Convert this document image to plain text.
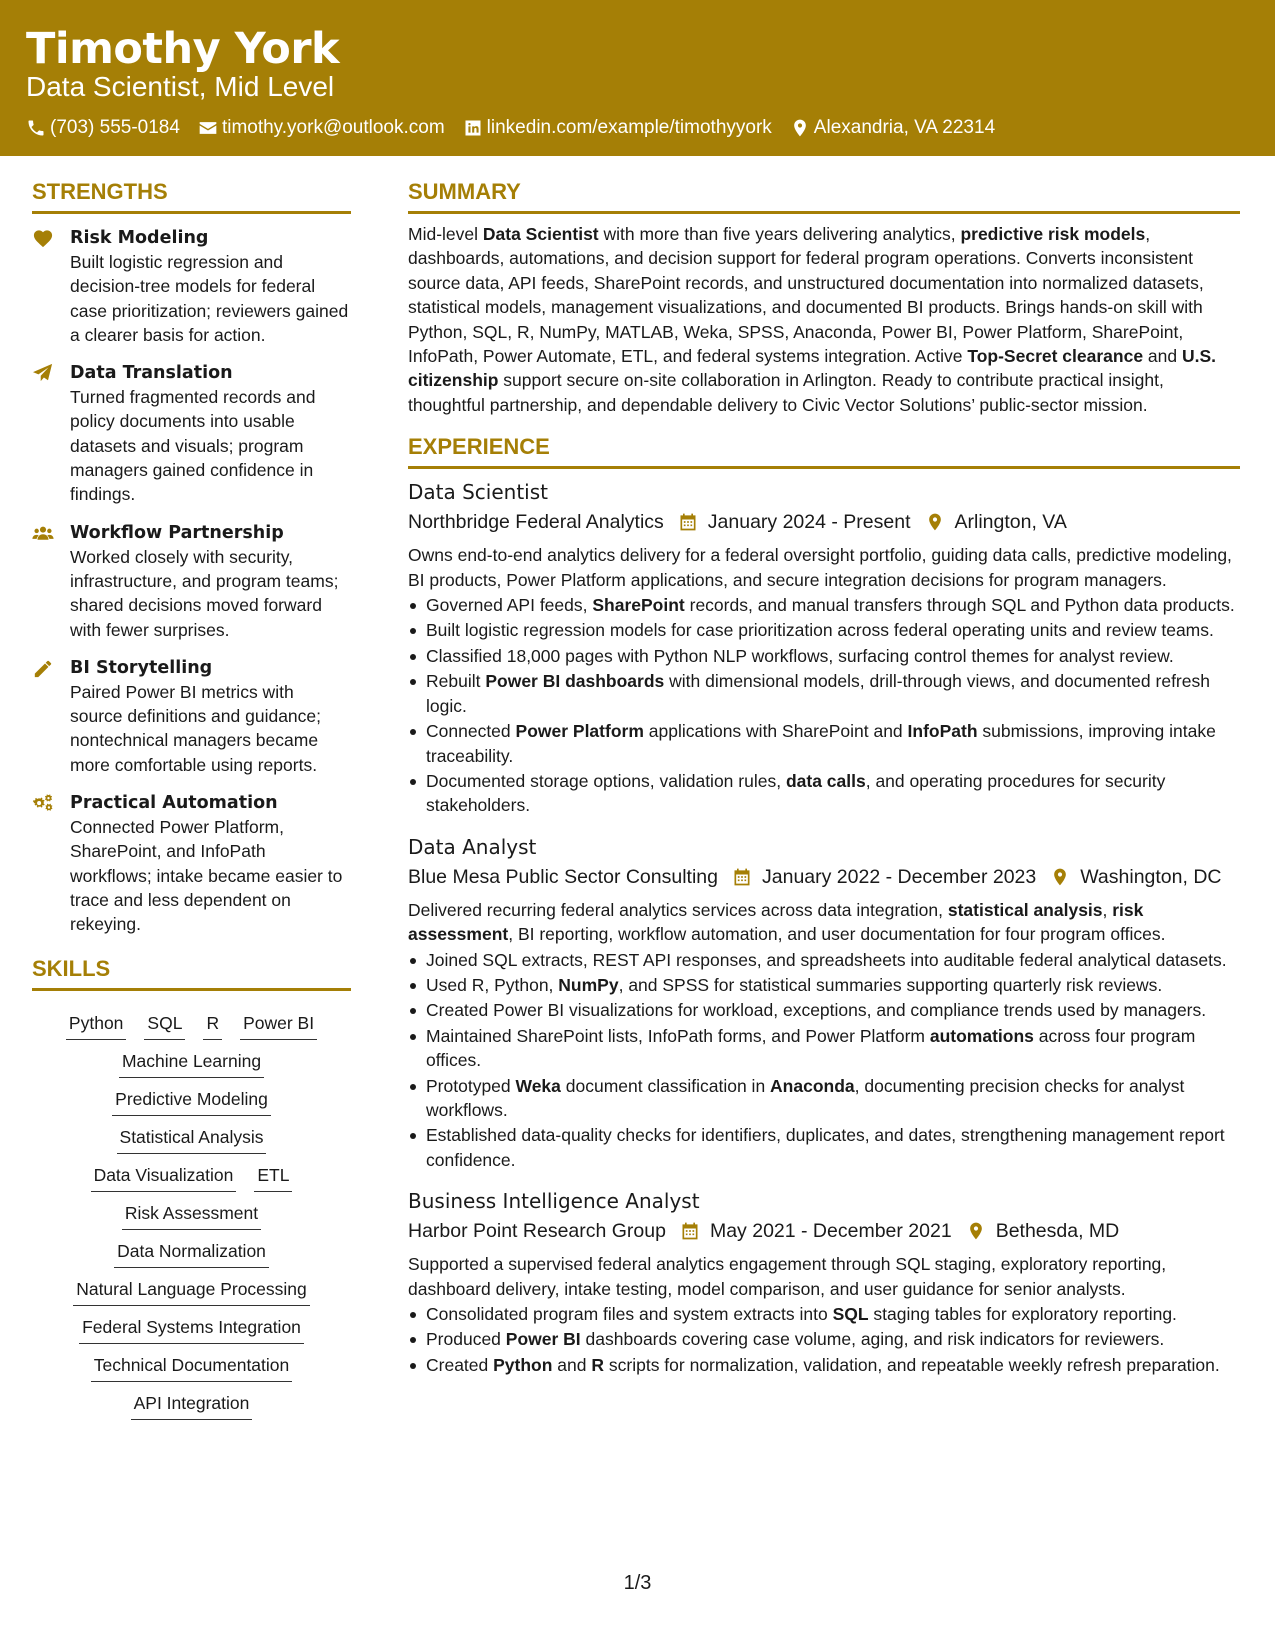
Timothy York
Data Scientist, Mid Level
(703) 555-0184 timothy.york@outlook.com linkedin.com/example/timothyyork Alexandria, VA 22314
STRENGTHS
Risk Modeling
Built logistic regression and decision-tree models for federal case prioritization; reviewers gained a clearer basis for action.
Data Translation
Turned fragmented records and policy documents into usable datasets and visuals; program managers gained confidence in findings.
Workflow Partnership
Worked closely with security, infrastructure, and program teams; shared decisions moved forward with fewer surprises.
BI Storytelling
Paired Power BI metrics with source definitions and guidance; nontechnical managers became more comfortable using reports.
Practical Automation
Connected Power Platform, SharePoint, and InfoPath workflows; intake became easier to trace and less dependent on rekeying.
SKILLS
Python SQL R Power BI
Machine Learning
Predictive Modeling
Statistical Analysis
Data Visualization ETL
Risk Assessment
Data Normalization
Natural Language Processing
Federal Systems Integration
Technical Documentation
API Integration
SUMMARY

Mid-level Data Scientist with more than five years delivering analytics, predictive risk models, dashboards, automations, and decision support for federal program operations. Converts inconsistent source data, API feeds, SharePoint records, and unstructured documentation into normalized datasets, statistical models, management visualizations, and documented BI products. Brings hands-on skill with Python, SQL, R, NumPy, MATLAB, Weka, SPSS, Anaconda, Power BI, Power Platform, SharePoint, InfoPath, Power Automate, ETL, and federal systems integration. Active Top-Secret clearance and U.S. citizenship support secure on-site collaboration in Arlington. Ready to contribute practical insight, thoughtful partnership, and dependable delivery to Civic Vector Solutions’ public-sector mission.

EXPERIENCE
Data Scientist
Northbridge Federal Analytics January 2024 - Present Arlington, VA
Owns end-to-end analytics delivery for a federal oversight portfolio, guiding data calls, predictive modeling, BI products, Power Platform applications, and secure integration decisions for program managers.
Governed API feeds, SharePoint records, and manual transfers through SQL and Python data products.
Built logistic regression models for case prioritization across federal operating units and review teams.
Classified 18,000 pages with Python NLP workflows, surfacing control themes for analyst review.
Rebuilt Power BI dashboards with dimensional models, drill-through views, and documented refresh logic.
Connected Power Platform applications with SharePoint and InfoPath submissions, improving intake traceability.
Documented storage options, validation rules, data calls, and operating procedures for security stakeholders.
Data Analyst
Blue Mesa Public Sector Consulting January 2022 - December 2023 Washington, DC
Delivered recurring federal analytics services across data integration, statistical analysis, risk assessment, BI reporting, workflow automation, and user documentation for four program offices.
Joined SQL extracts, REST API responses, and spreadsheets into auditable federal analytical datasets.
Used R, Python, NumPy, and SPSS for statistical summaries supporting quarterly risk reviews.
Created Power BI visualizations for workload, exceptions, and compliance trends used by managers.
Maintained SharePoint lists, InfoPath forms, and Power Platform automations across four program offices.
Prototyped Weka document classification in Anaconda, documenting precision checks for analyst workflows.
Established data-quality checks for identifiers, duplicates, and dates, strengthening management report confidence.
Business Intelligence Analyst
Harbor Point Research Group May 2021 - December 2021 Bethesda, MD
Supported a supervised federal analytics engagement through SQL staging, exploratory reporting, dashboard delivery, intake testing, model comparison, and user guidance for senior analysts.
Consolidated program files and system extracts into SQL staging tables for exploratory reporting.
Produced Power BI dashboards covering case volume, aging, and risk indicators for reviewers.
Created Python and R scripts for normalization, validation, and repeatable weekly refresh preparation.
1/3
